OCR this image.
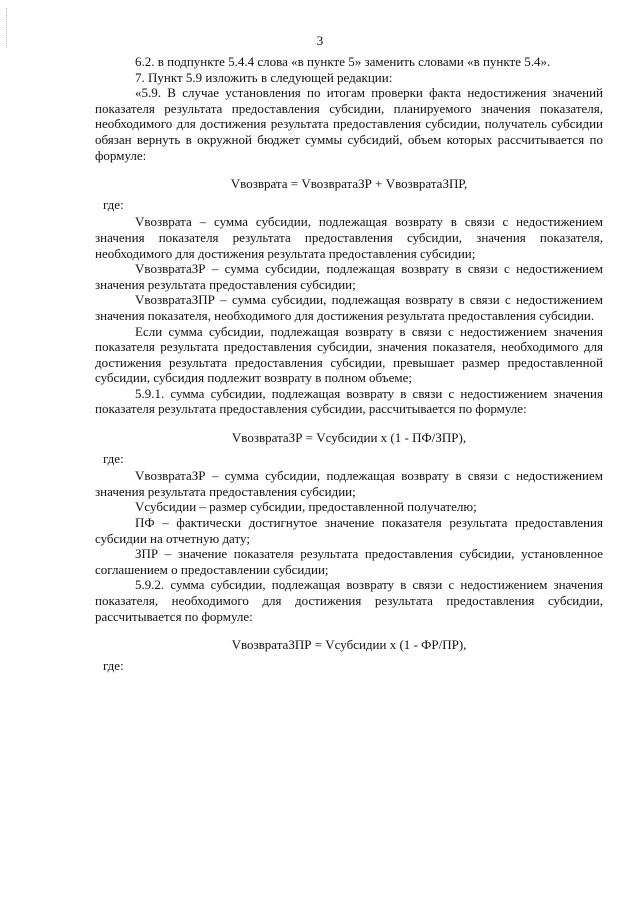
3

6.2. в подпункте 5.4.4 слова «в пункте 5» заменить словами «в пункте 5.4».

7. Пункт 5.9 изложить в следующей редакции:

«5.9. В случае установления по итогам проверки факта недостижения значений показателя результата предоставления субсидии, планируемого значения показателя, необходимого для достижения результата предоставления субсидии, получатель субсидии обязан вернуть в окружной бюджет суммы субсидий, объем которых рассчитывается по формуле:

Vвозврата = VвозвратаЗР + VвозвратаЗПР,

где:

Vвозврата – сумма субсидии, подлежащая возврату в связи с недостижением значения показателя результата предоставления субсидии, значения показателя, необходимого для достижения результата предоставления субсидии;

VвозвратаЗР – сумма субсидии, подлежащая возврату в связи с недостижением значения результата предоставления субсидии;

VвозвратаЗПР – сумма субсидии, подлежащая возврату в связи с недостижением значения показателя, необходимого для достижения результата предоставления субсидии.

Если сумма субсидии, подлежащая возврату в связи с недостижением значения показателя результата предоставления субсидии, значения показателя, необходимого для достижения результата предоставления субсидии, превышает размер предоставленной субсидии, субсидия подлежит возврату в полном объеме;

5.9.1. сумма субсидии, подлежащая возврату в связи с недостижением значения показателя результата предоставления субсидии, рассчитывается по формуле:

VвозвратаЗР = Vсубсидии x (1 - ПФ/ЗПР),

где:

VвозвратаЗР – сумма субсидии, подлежащая возврату в связи с недостижением значения результата предоставления субсидии;

Vсубсидии – размер субсидии, предоставленной получателю;

ПФ – фактически достигнутое значение показателя результата предоставления субсидии на отчетную дату;

ЗПР – значение показателя результата предоставления субсидии, установленное соглашением о предоставлении субсидии;

5.9.2. сумма субсидии, подлежащая возврату в связи с недостижением значения показателя, необходимого для достижения результата предоставления субсидии, рассчитывается по формуле:

VвозвратаЗПР = Vсубсидии x (1 - ФР/ПР),

где:
